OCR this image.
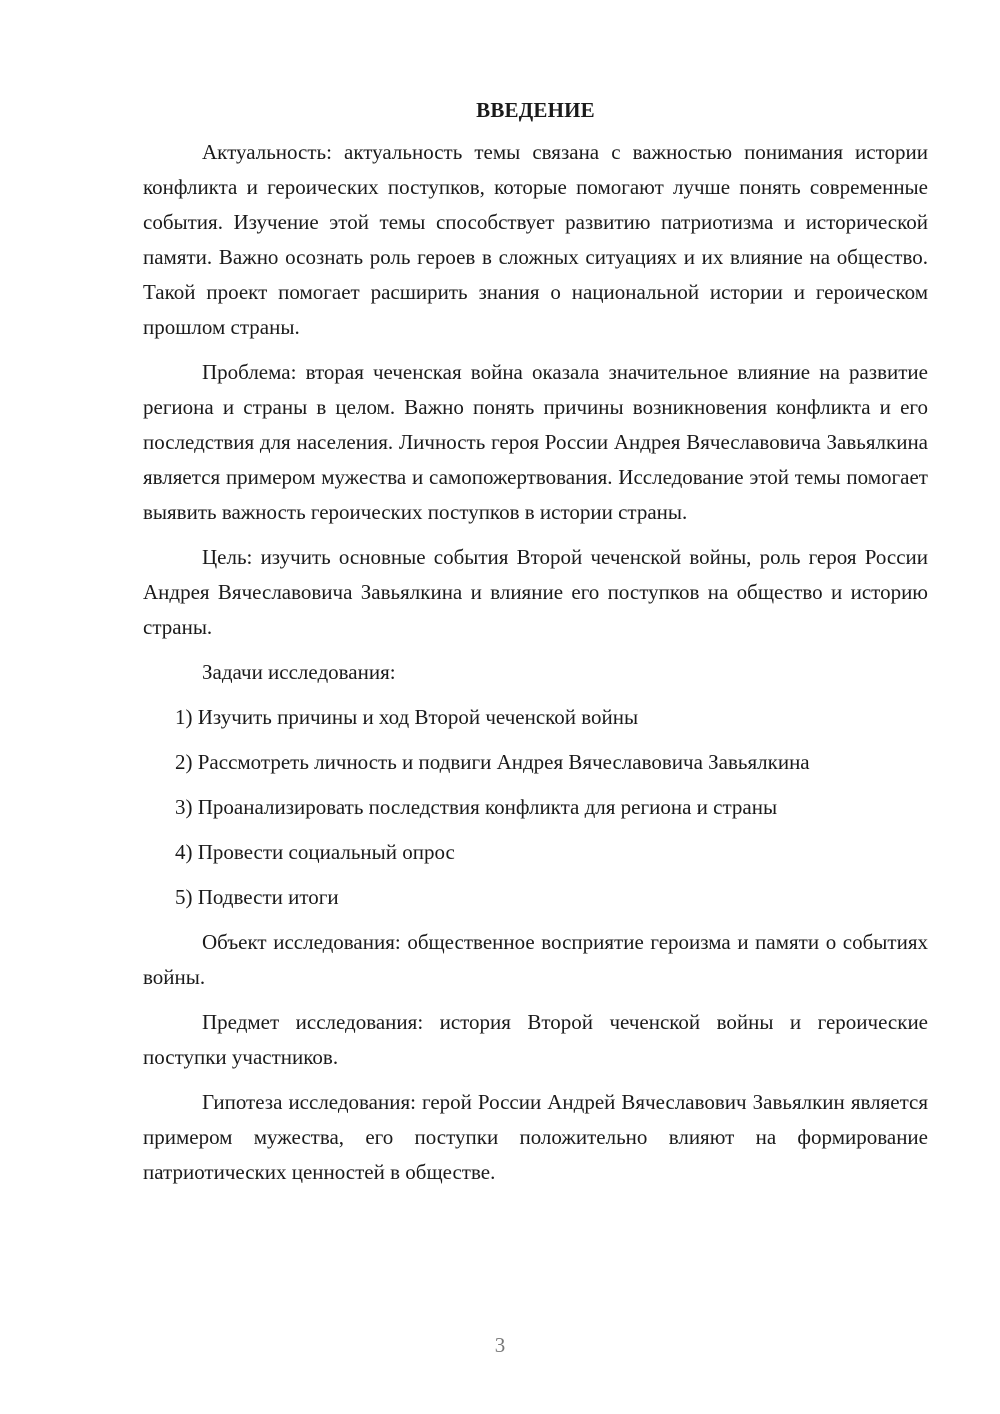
ВВЕДЕНИЕ

Актуальность: актуальность темы связана с важностью понимания истории конфликта и героических поступков, которые помогают лучше понять современные события. Изучение этой темы способствует развитию патриотизма и исторической памяти. Важно осознать роль героев в сложных ситуациях и их влияние на общество. Такой проект помогает расширить знания о национальной истории и героическом прошлом страны.

Проблема: вторая чеченская война оказала значительное влияние на развитие региона и страны в целом. Важно понять причины возникновения конфликта и его последствия для населения. Личность героя России Андрея Вячеславовича Завьялкина является примером мужества и самопожертвования. Исследование этой темы помогает выявить важность героических поступков в истории страны.

Цель: изучить основные события Второй чеченской войны, роль героя России Андрея Вячеславовича Завьялкина и влияние его поступков на общество и историю страны.

Задачи исследования:

1) Изучить причины и ход Второй чеченской войны
2) Рассмотреть личность и подвиги Андрея Вячеславовича Завьялкина
3) Проанализировать последствия конфликта для региона и страны
4) Провести социальный опрос
5) Подвести итоги

Объект исследования: общественное восприятие героизма и памяти о событиях войны.

Предмет исследования: история Второй чеченской войны и героические поступки участников.

Гипотеза исследования: герой России Андрей Вячеславович Завьялкин является примером мужества, его поступки положительно влияют на формирование патриотических ценностей в обществе.

3
